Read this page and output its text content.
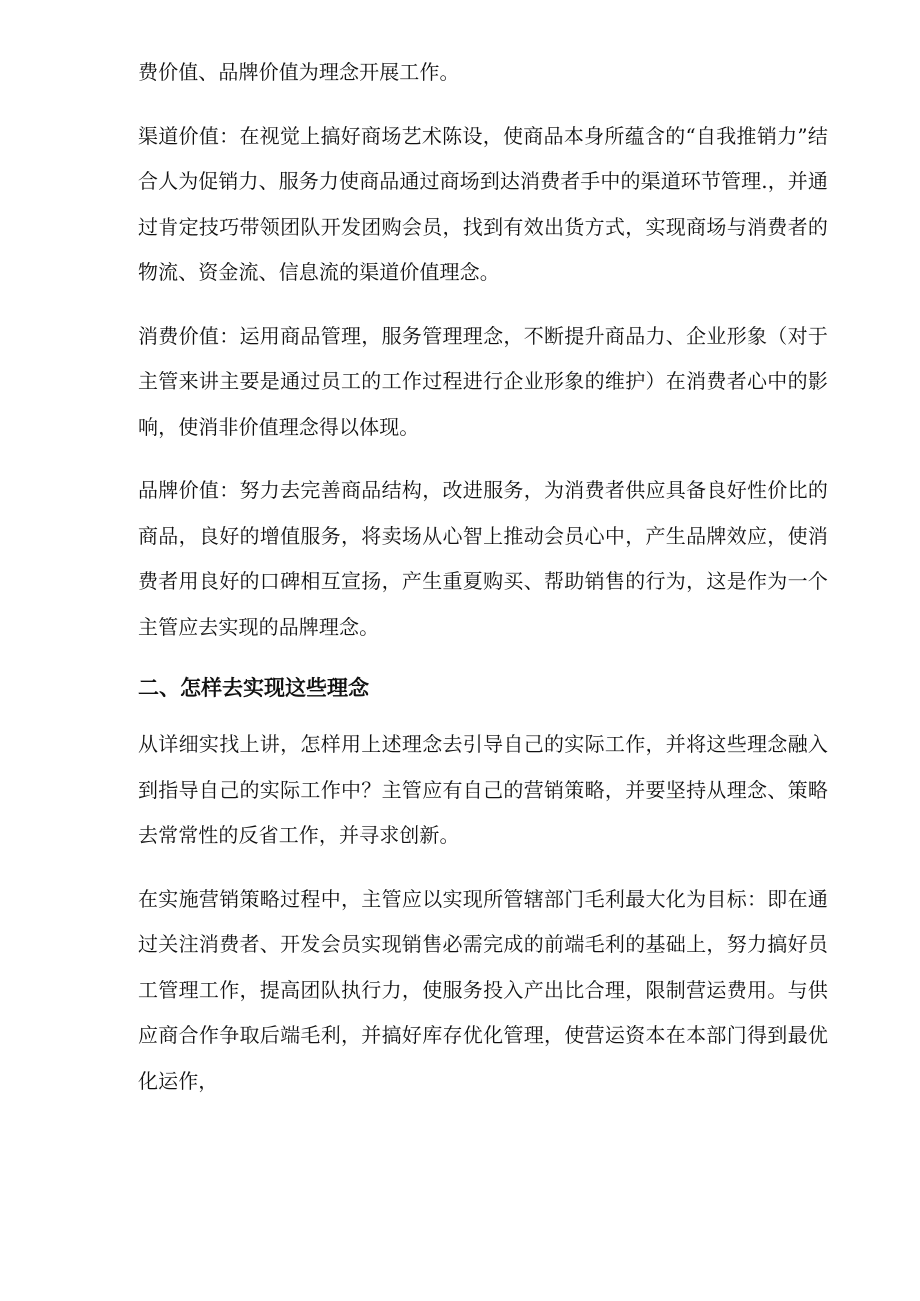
费价值、品牌价值为理念开展工作。

渠道价值：在视觉上搞好商场艺术陈设，使商品本身所蕴含的“自我推销力”结合人为促销力、服务力使商品通过商场到达消费者手中的渠道环节管理.，并通过肯定技巧带领团队开发团购会员，找到有效出货方式，实现商场与消费者的物流、资金流、信息流的渠道价值理念。

消费价值：运用商品管理，服务管理理念，不断提升商品力、企业形象（对于主管来讲主要是通过员工的工作过程进行企业形象的维护）在消费者心中的影响，使消非价值理念得以体现。

品牌价值：努力去完善商品结构，改进服务，为消费者供应具备良好性价比的商品，良好的增值服务，将卖场从心智上推动会员心中，产生品牌效应，使消费者用良好的口碑相互宣扬，产生重夏购买、帮助销售的行为，这是作为一个主管应去实现的品牌理念。

二、怎样去实现这些理念

从详细实找上讲，怎样用上述理念去引导自己的实际工作，并将这些理念融入到指导自己的实际工作中？主管应有自己的营销策略，并要坚持从理念、策略去常常性的反省工作，并寻求创新。

在实施营销策略过程中，主管应以实现所管辖部门毛利最大化为目标：即在通过关注消费者、开发会员实现销售必需完成的前端毛利的基础上，努力搞好员工管理工作，提高团队执行力，使服务投入产出比合理，限制营运费用。与供应商合作争取后端毛利，并搞好库存优化管理，使营运资本在本部门得到最优化运作，
